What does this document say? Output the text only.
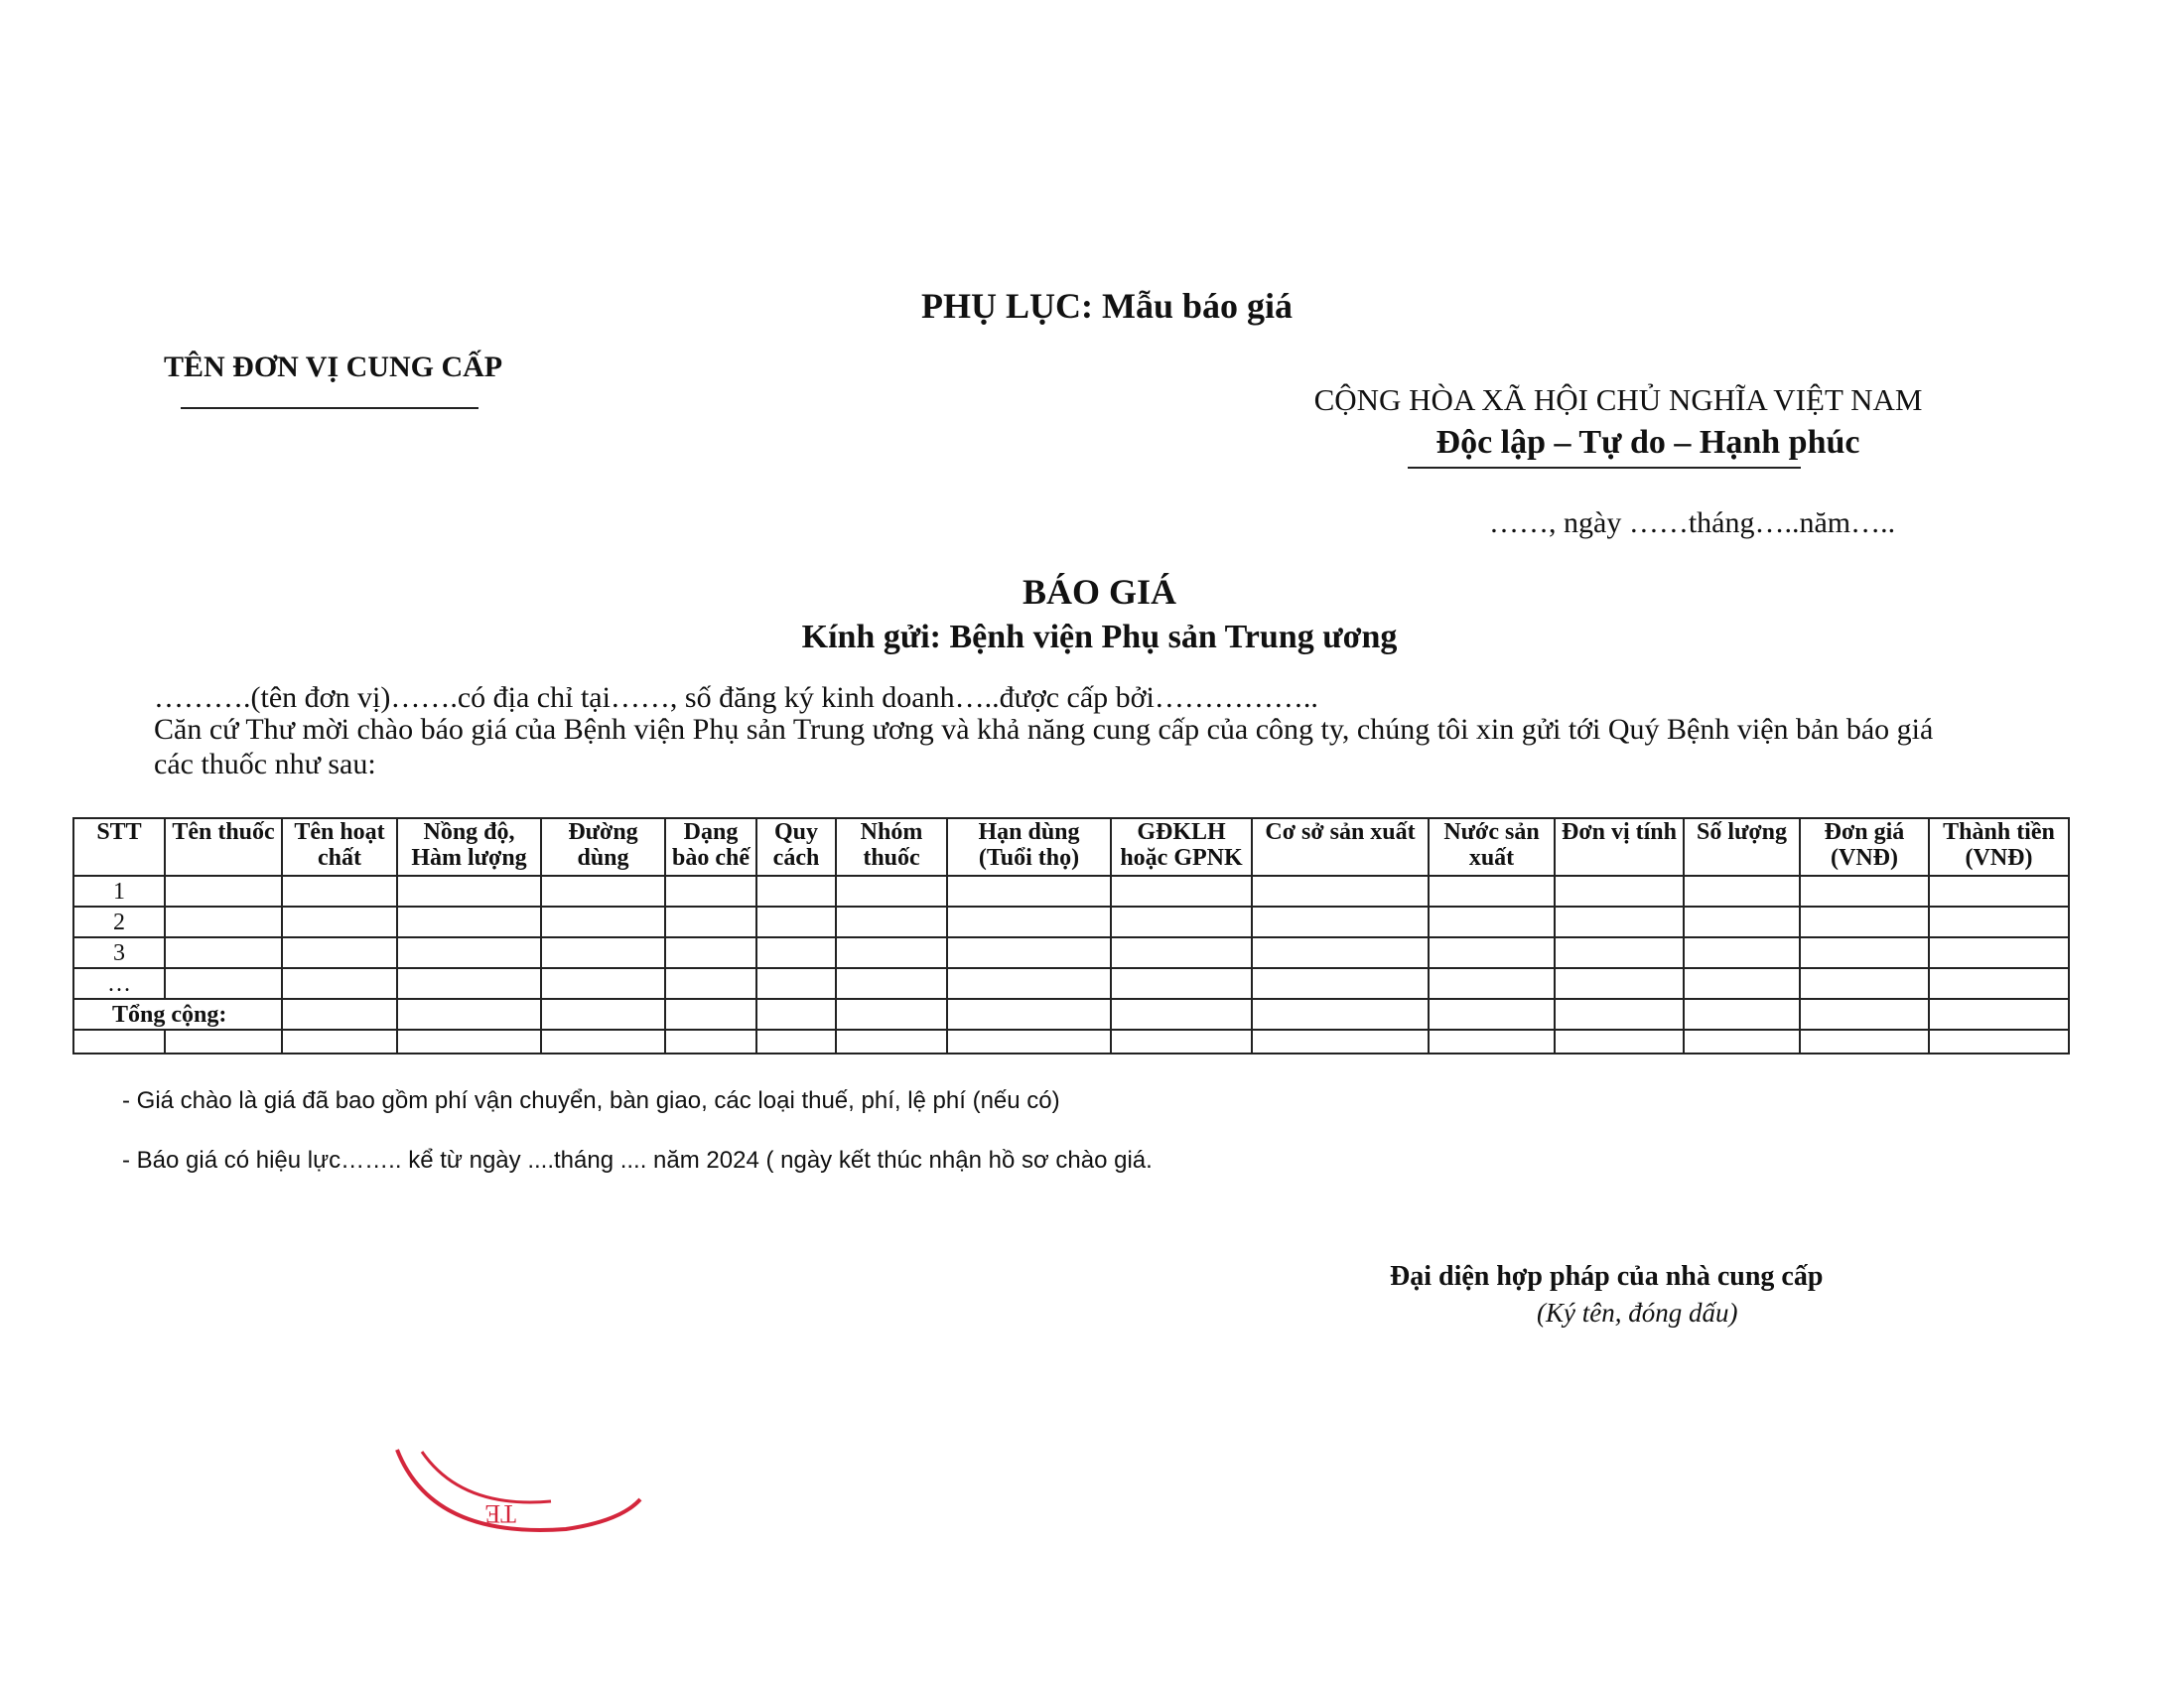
PHỤ LỤC: Mẫu báo giá
TÊN ĐƠN VỊ CUNG CẤP
CỘNG HÒA XÃ HỘI CHỦ NGHĨA VIỆT NAM
Độc lập – Tự do – Hạnh phúc
……, ngày ……tháng…..năm…..
BÁO GIÁ
Kính gửi: Bệnh viện Phụ sản Trung ương
……….(tên đơn vị)…….có địa chỉ tại……, số đăng ký kinh doanh…..được cấp bởi……………..
Căn cứ Thư mời chào báo giá của Bệnh viện Phụ sản Trung ương và khả năng cung cấp của công ty, chúng tôi xin gửi tới Quý Bệnh viện bản báo giá
các thuốc như sau:
STT	Tên thuốc	Tên hoạt chất	Nồng độ, Hàm lượng	Đường dùng	Dạng bào chế	Quy cách	Nhóm thuốc	Hạn dùng (Tuổi thọ)	GĐKLH hoặc GPNK	Cơ sở sản xuất	Nước sản xuất	Đơn vị tính	Số lượng	Đơn giá (VNĐ)	Thành tiền (VNĐ)
1															
2															
3															
…															
Tổng cộng:															

- Giá chào là giá đã bao gồm phí vận chuyển, bàn giao, các loại thuế, phí, lệ phí (nếu có)
- Báo giá có hiệu lực…….. kể từ ngày ....tháng .... năm 2024 ( ngày kết thúc nhận hồ sơ chào giá.
Đại diện hợp pháp của nhà cung cấp
(Ký tên, đóng dấu)
TE
